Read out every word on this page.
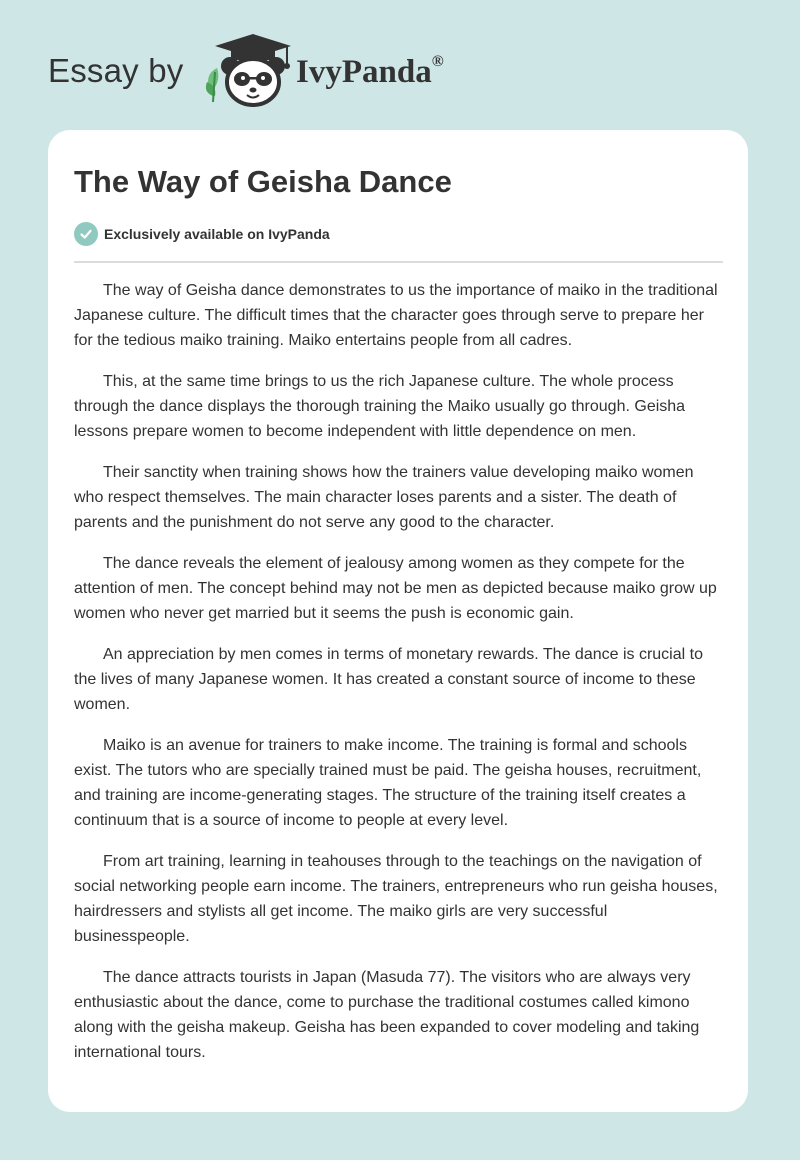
Essay by	IvyPanda®
The Way of Geisha Dance
Exclusively available on IvyPanda

The way of Geisha dance demonstrates to us the importance of maiko in the traditional Japanese culture. The difficult times that the character goes through serve to prepare her for the tedious maiko training. Maiko entertains people from all cadres.

This, at the same time brings to us the rich Japanese culture. The whole process through the dance displays the thorough training the Maiko usually go through. Geisha lessons prepare women to become independent with little dependence on men.

Their sanctity when training shows how the trainers value developing maiko women who respect themselves. The main character loses parents and a sister. The death of parents and the punishment do not serve any good to the character.

The dance reveals the element of jealousy among women as they compete for the attention of men. The concept behind may not be men as depicted because maiko grow up women who never get married but it seems the push is economic gain.

An appreciation by men comes in terms of monetary rewards. The dance is crucial to the lives of many Japanese women. It has created a constant source of income to these women.

Maiko is an avenue for trainers to make income. The training is formal and schools exist. The tutors who are specially trained must be paid. The geisha houses, recruitment, and training are income-generating stages. The structure of the training itself creates a continuum that is a source of income to people at every level.

From art training, learning in teahouses through to the teachings on the navigation of social networking people earn income. The trainers, entrepreneurs who run geisha houses, hairdressers and stylists all get income. The maiko girls are very successful businesspeople.

The dance attracts tourists in Japan (Masuda 77). The visitors who are always very enthusiastic about the dance, come to purchase the traditional costumes called kimono along with the geisha makeup. Geisha has been expanded to cover modeling and taking international tours.
